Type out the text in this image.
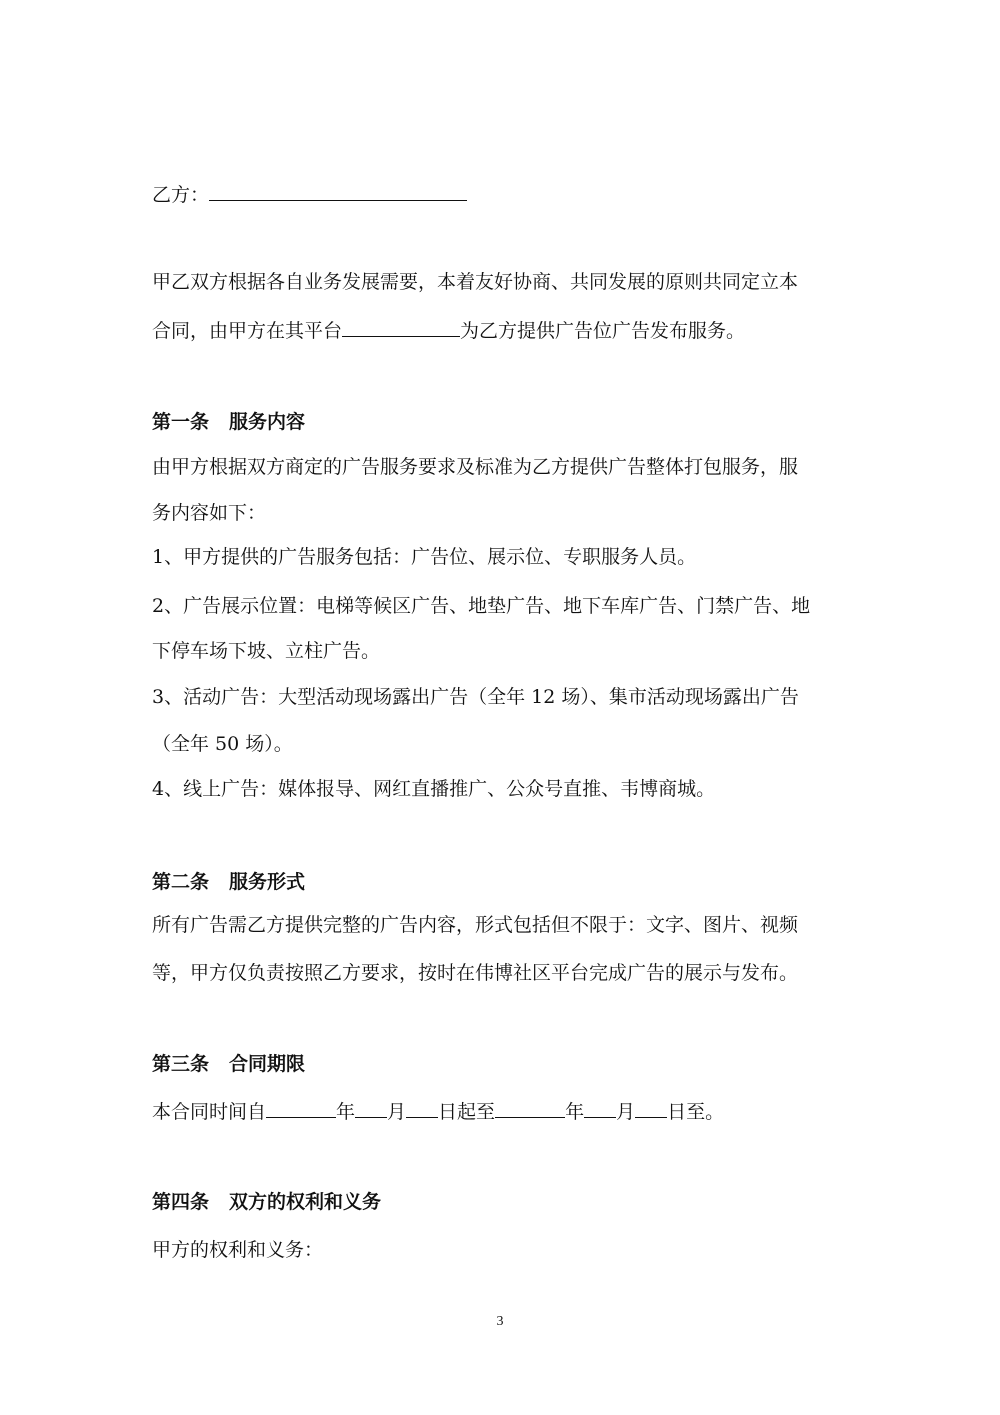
乙方：
甲乙双方根据各自业务发展需要，本着友好协商、共同发展的原则共同定立本
合同，由甲方在其平台	为乙方提供广告位广告发布服务。
第一条 服务内容
由甲方根据双方商定的广告服务要求及标准为乙方提供广告整体打包服务，服
务内容如下：
1、甲方提供的广告服务包括：广告位、展示位、专职服务人员。
2、广告展示位置：电梯等候区广告、地垫广告、地下车库广告、门禁广告、地
下停车场下坡、立柱广告。
3、活动广告：大型活动现场露出广告（全年 12 场）、集市活动现场露出广告
（全年 50 场）。
4、线上广告：媒体报导、网红直播推广、公众号直推、韦博商城。
第二条 服务形式
所有广告需乙方提供完整的广告内容，形式包括但不限于：文字、图片、视频
等，甲方仅负责按照乙方要求，按时在伟博社区平台完成广告的展示与发布。
第三条 合同期限
本合同时间自	年 月 日起至	年 月 日至。
第四条 双方的权利和义务
甲方的权利和义务：
3
